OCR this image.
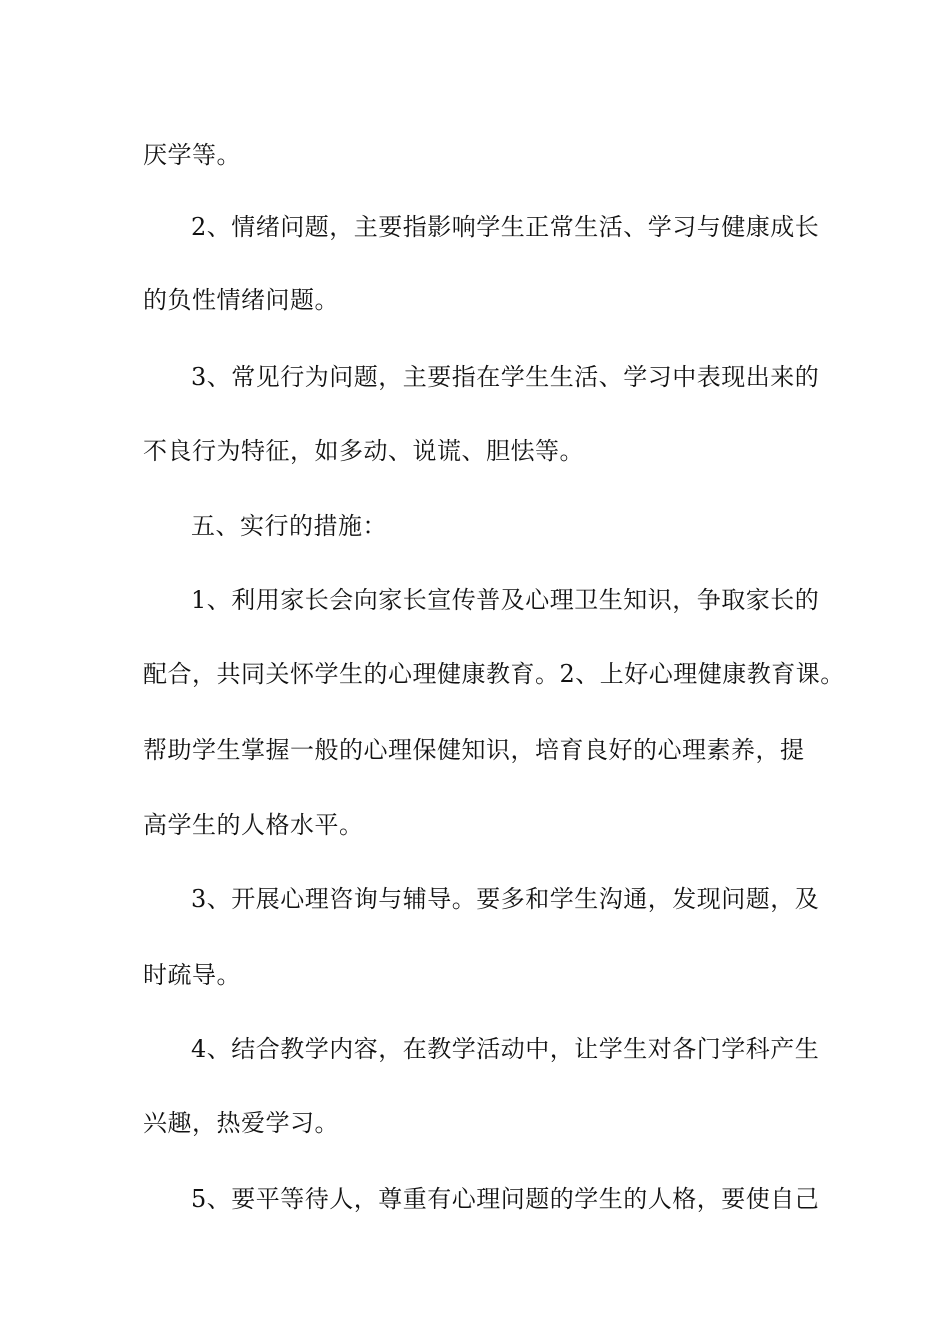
厌学等。

2、情绪问题，主要指影响学生正常生活、学习与健康成长

的负性情绪问题。

3、常见行为问题，主要指在学生生活、学习中表现出来的

不良行为特征，如多动、说谎、胆怯等。

五、实行的措施：

1、利用家长会向家长宣传普及心理卫生知识，争取家长的

配合，共同关怀学生的心理健康教育。2、上好心理健康教育课。

帮助学生掌握一般的心理保健知识，培育良好的心理素养，提

高学生的人格水平。

3、开展心理咨询与辅导。要多和学生沟通，发现问题，及

时疏导。

4、结合教学内容，在教学活动中，让学生对各门学科产生

兴趣，热爱学习。

5、要平等待人，尊重有心理问题的学生的人格，要使自己
